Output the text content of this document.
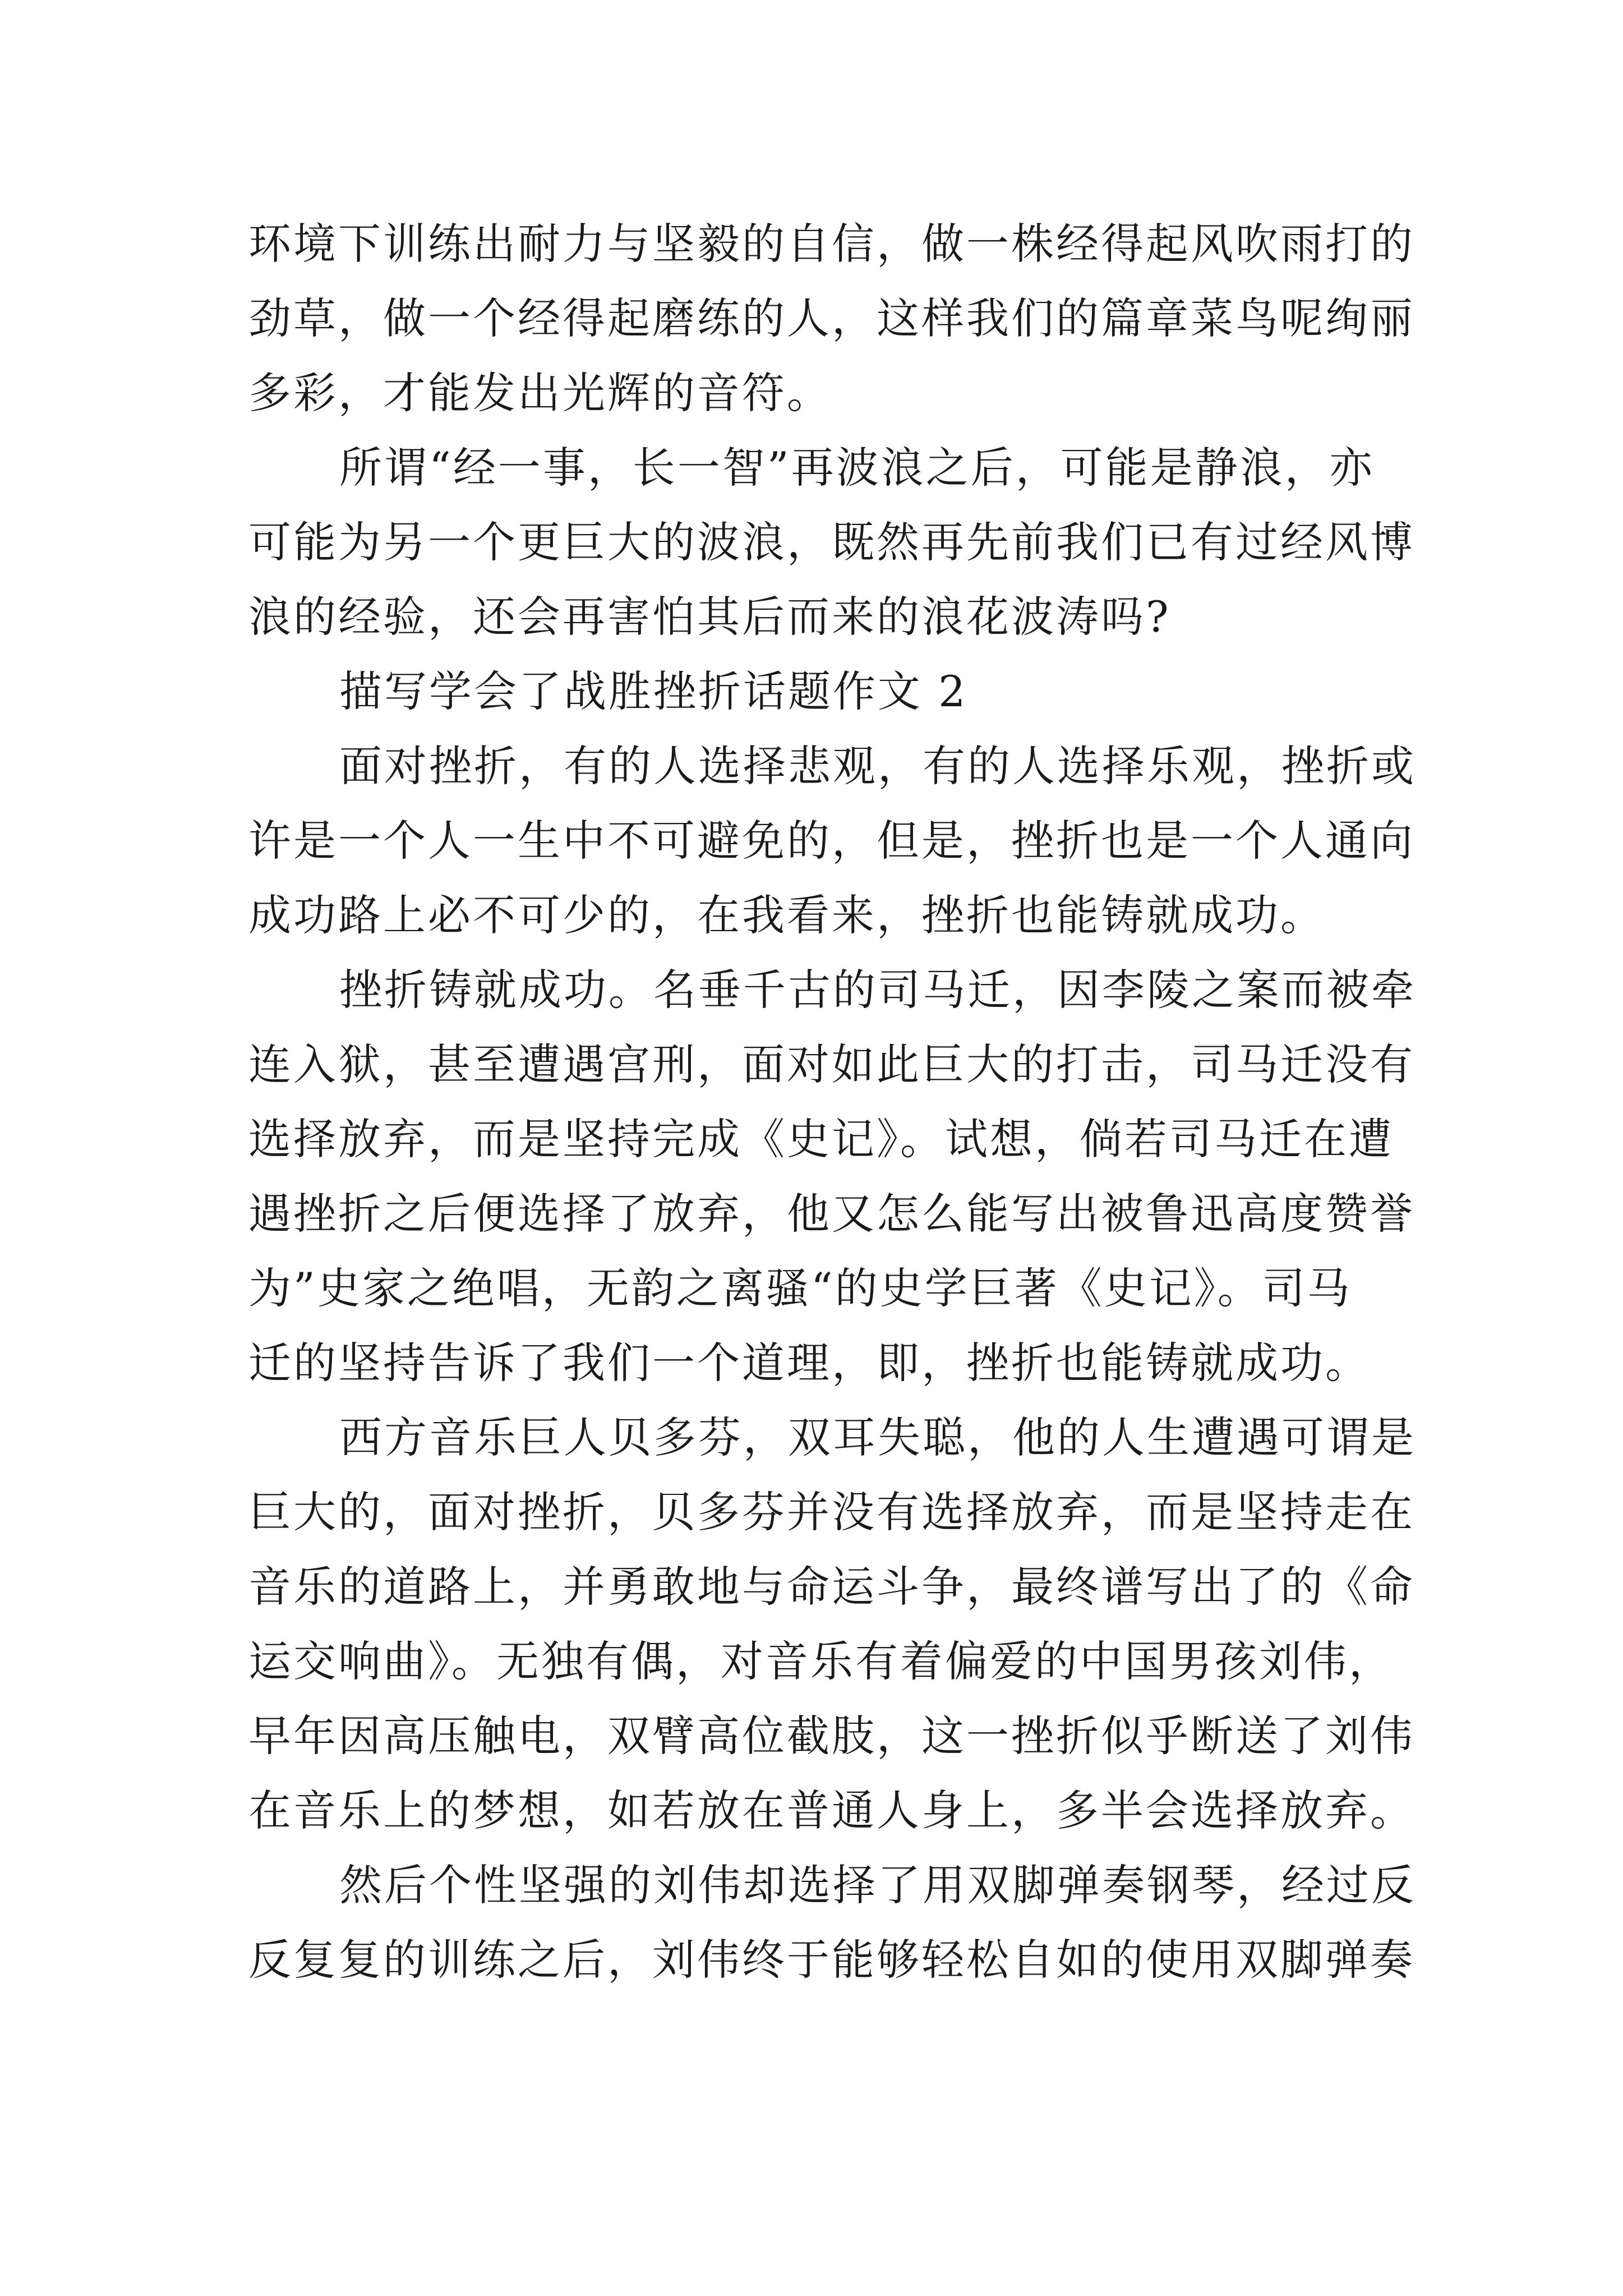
环境下训练出耐力与坚毅的自信，做一株经得起风吹雨打的
劲草，做一个经得起磨练的人，这样我们的篇章菜鸟呢绚丽
多彩，才能发出光辉的音符。
所谓“经一事，长一智”再波浪之后，可能是静浪，亦
可能为另一个更巨大的波浪，既然再先前我们已有过经风博
浪的经验，还会再害怕其后而来的浪花波涛吗?
描写学会了战胜挫折话题作文 2
面对挫折，有的人选择悲观，有的人选择乐观，挫折或
许是一个人一生中不可避免的，但是，挫折也是一个人通向
成功路上必不可少的，在我看来，挫折也能铸就成功。
挫折铸就成功。名垂千古的司马迁，因李陵之案而被牵
连入狱，甚至遭遇宫刑，面对如此巨大的打击，司马迁没有
选择放弃，而是坚持完成《史记》。试想，倘若司马迁在遭
遇挫折之后便选择了放弃，他又怎么能写出被鲁迅高度赞誉
为”史家之绝唱，无韵之离骚“的史学巨著《史记》。司马
迁的坚持告诉了我们一个道理，即，挫折也能铸就成功。
西方音乐巨人贝多芬，双耳失聪，他的人生遭遇可谓是
巨大的，面对挫折，贝多芬并没有选择放弃，而是坚持走在
音乐的道路上，并勇敢地与命运斗争，最终谱写出了的《命
运交响曲》。无独有偶，对音乐有着偏爱的中国男孩刘伟，
早年因高压触电，双臂高位截肢，这一挫折似乎断送了刘伟
在音乐上的梦想，如若放在普通人身上，多半会选择放弃。
然后个性坚强的刘伟却选择了用双脚弹奏钢琴，经过反
反复复的训练之后，刘伟终于能够轻松自如的使用双脚弹奏
